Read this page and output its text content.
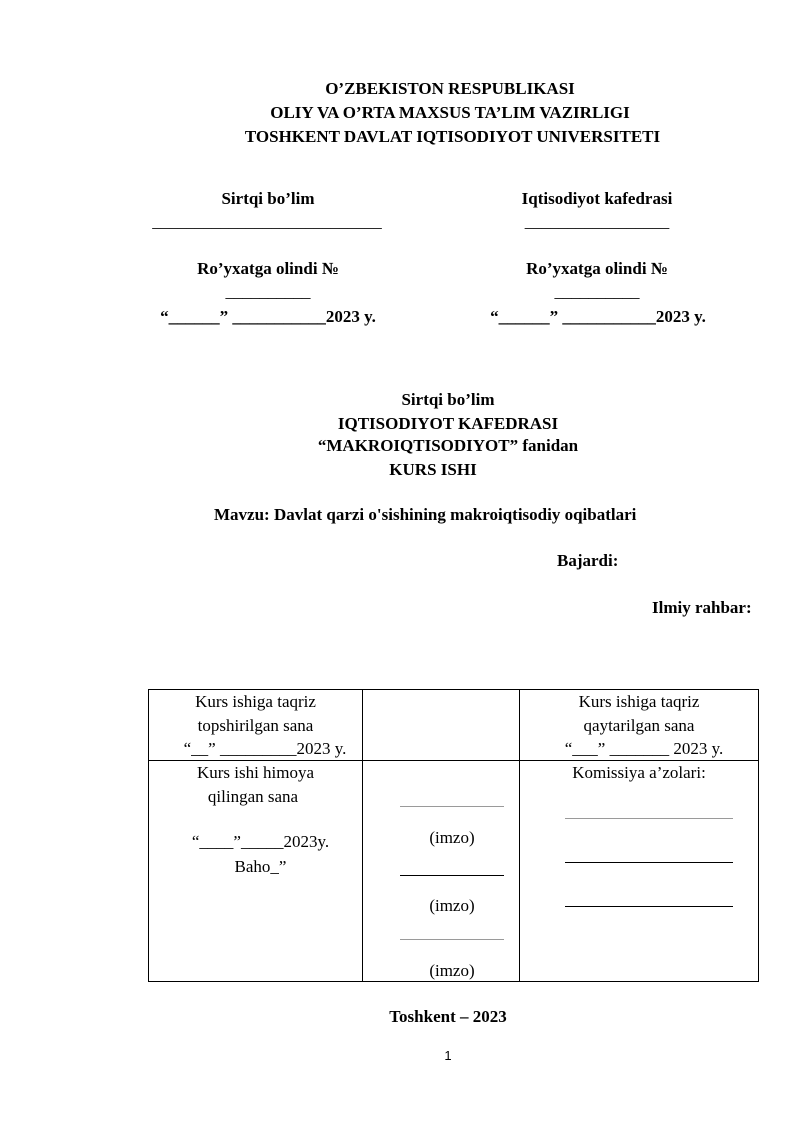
O’ZBEKISTON RESPUBLIKASI
OLIY VA O’RTA MAXSUS TA’LIM VAZIRLIGI
TOSHKENT DAVLAT IQTISODIYOT UNIVERSITETI
Sirtqi bo’lim
___________________________
Ro’yxatga olindi №
__________
“______” ___________2023 y.
Iqtisodiyot kafedrasi
_________________
Ro’yxatga olindi №
__________
“______” ___________2023 y.
Sirtqi bo’lim
IQTISODIYOT KAFEDRASI
“MAKROIQTISODIYOT” fanidan
KURS ISHI
Mavzu: Davlat qarzi o'sishining makroiqtisodiy oqibatlari
Bajardi:
Ilmiy rahbar:
Kurs ishiga taqriz
topshirilgan sana
“__” _________2023 y.
Kurs ishiga taqriz
qaytarilgan sana
“___” _______ 2023 y.
Kurs ishi himoya
qilingan sana
“____”_____2023y.
Baho_”
(imzo)
(imzo)
(imzo)
Komissiya a’zolari:
Toshkent – 2023
1
